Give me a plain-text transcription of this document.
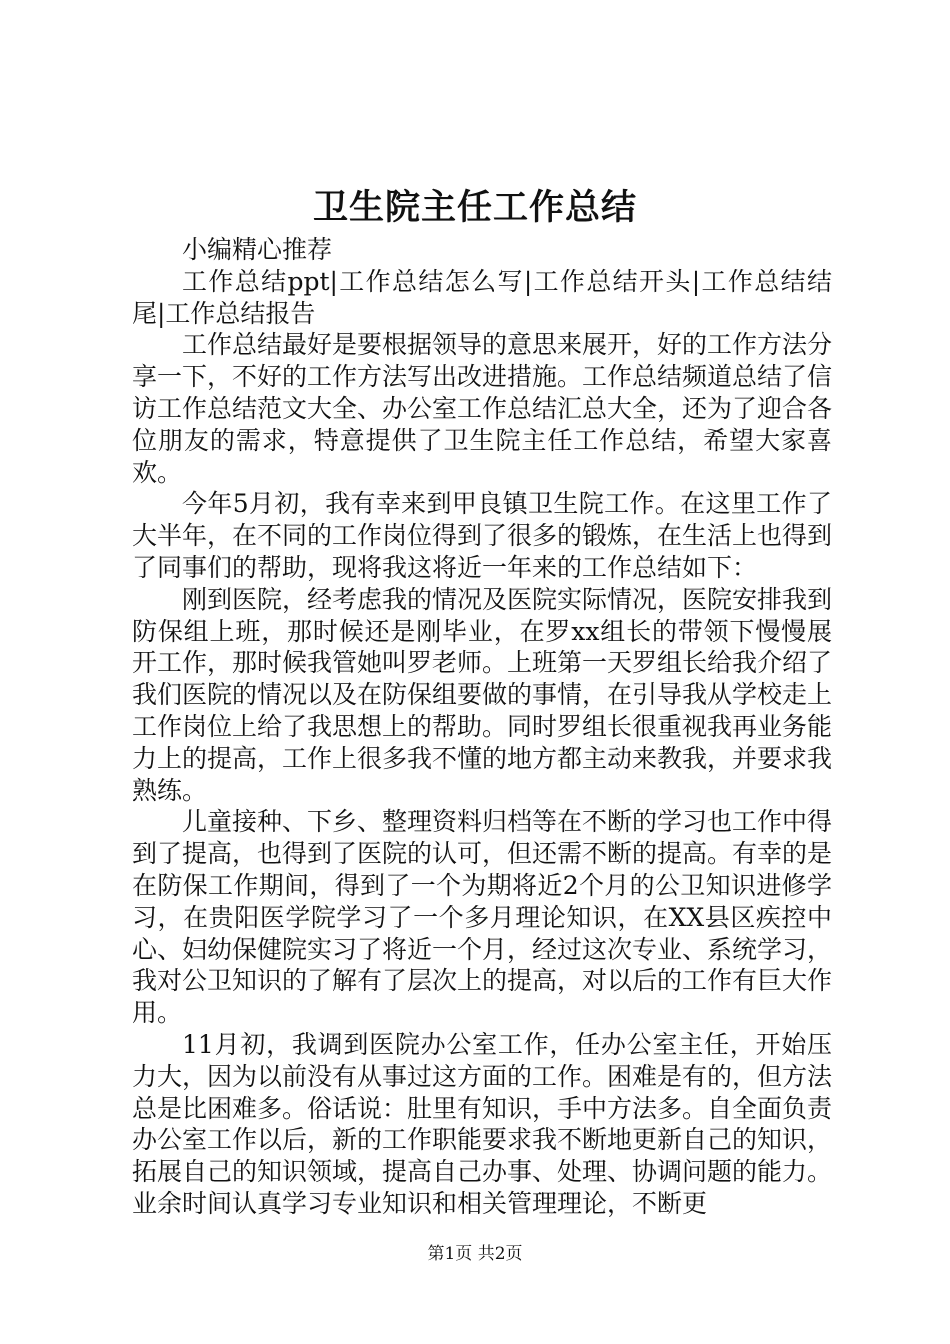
卫生院主任工作总结

小编精心推荐

工作总结ppt|工作总结怎么写|工作总结开头|工作总结结尾|工作总结报告

工作总结最好是要根据领导的意思来展开，好的工作方法分享一下，不好的工作方法写出改进措施。工作总结频道总结了信访工作总结范文大全、办公室工作总结汇总大全，还为了迎合各位朋友的需求，特意提供了卫生院主任工作总结，希望大家喜欢。

今年5月初，我有幸来到甲良镇卫生院工作。在这里工作了大半年，在不同的工作岗位得到了很多的锻炼，在生活上也得到了同事们的帮助，现将我这将近一年来的工作总结如下：

刚到医院，经考虑我的情况及医院实际情况，医院安排我到防保组上班，那时候还是刚毕业，在罗xx组长的带领下慢慢展开工作，那时候我管她叫罗老师。上班第一天罗组长给我介绍了我们医院的情况以及在防保组要做的事情，在引导我从学校走上工作岗位上给了我思想上的帮助。同时罗组长很重视我再业务能力上的提高，工作上很多我不懂的地方都主动来教我，并要求我熟练。

儿童接种、下乡、整理资料归档等在不断的学习也工作中得到了提高，也得到了医院的认可，但还需不断的提高。有幸的是在防保工作期间，得到了一个为期将近2个月的公卫知识进修学习，在贵阳医学院学习了一个多月理论知识，在XX县区疾控中心、妇幼保健院实习了将近一个月，经过这次专业、系统学习，我对公卫知识的了解有了层次上的提高，对以后的工作有巨大作用。

11月初，我调到医院办公室工作，任办公室主任，开始压力大，因为以前没有从事过这方面的工作。困难是有的，但方法总是比困难多。俗话说：肚里有知识，手中方法多。自全面负责办公室工作以后，新的工作职能要求我不断地更新自己的知识，拓展自己的知识领域，提高自己办事、处理、协调问题的能力。业余时间认真学习专业知识和相关管理理论，不断更

第1页 共2页
